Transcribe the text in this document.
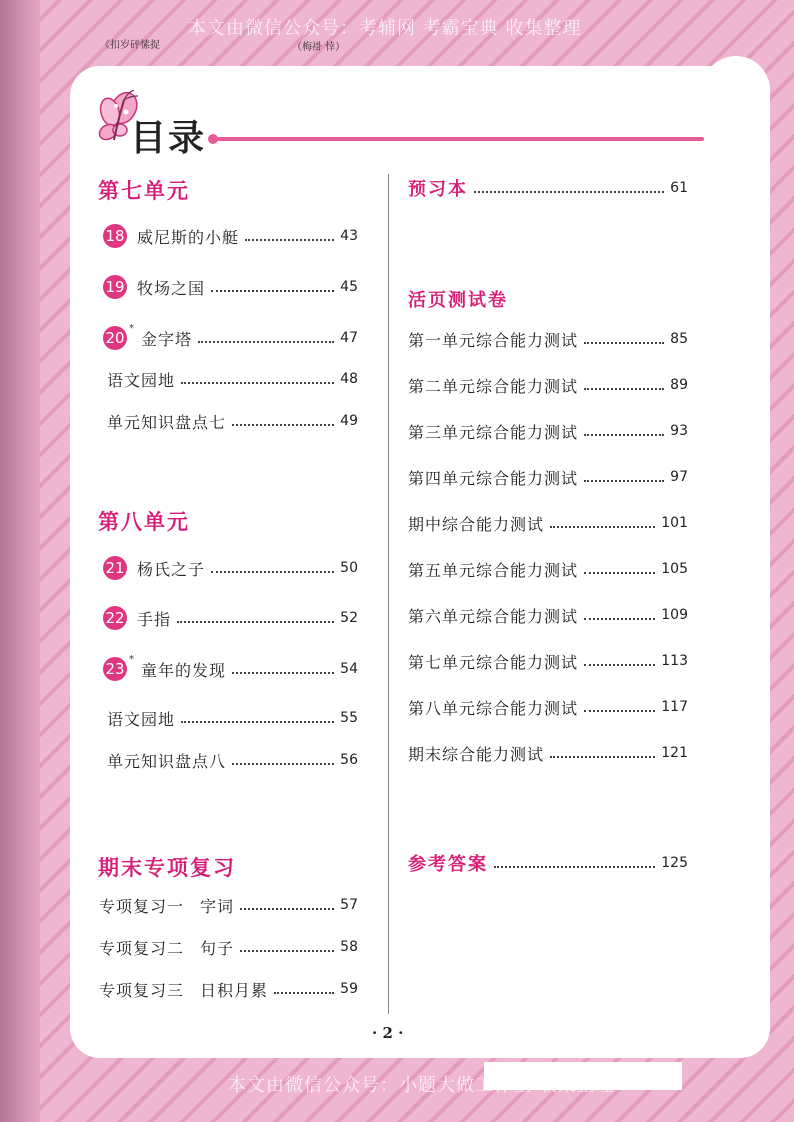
本文由微信公众号：考辅网 考霸宝典 收集整理
《扣岁砰愫捉	（梅褂 悻）
目录
第七单元
18 威尼斯的小艇	43
19 牧场之国	45
20
*
金字塔	47
语文园地	48
单元知识盘点七	49
第八单元
21 杨氏之子	50
22 手指	52
23
*
童年的发现	54
语文园地	55
单元知识盘点八	56
期末专项复习
专项复习一 字词	57
专项复习二 句子	58
专项复习三 日积月累	59
预习本	61
活页测试卷
第一单元综合能力测试	85
第二单元综合能力测试	89
第三单元综合能力测试	93
第四单元综合能力测试	97
期中综合能力测试	101
第五单元综合能力测试	105
第六单元综合能力测试	109
第七单元综合能力测试	113
第八单元综合能力测试	117
期末综合能力测试	121
参考答案	125
· 2 ·
本文由微信公众号：小题大做工作室 收集整理
